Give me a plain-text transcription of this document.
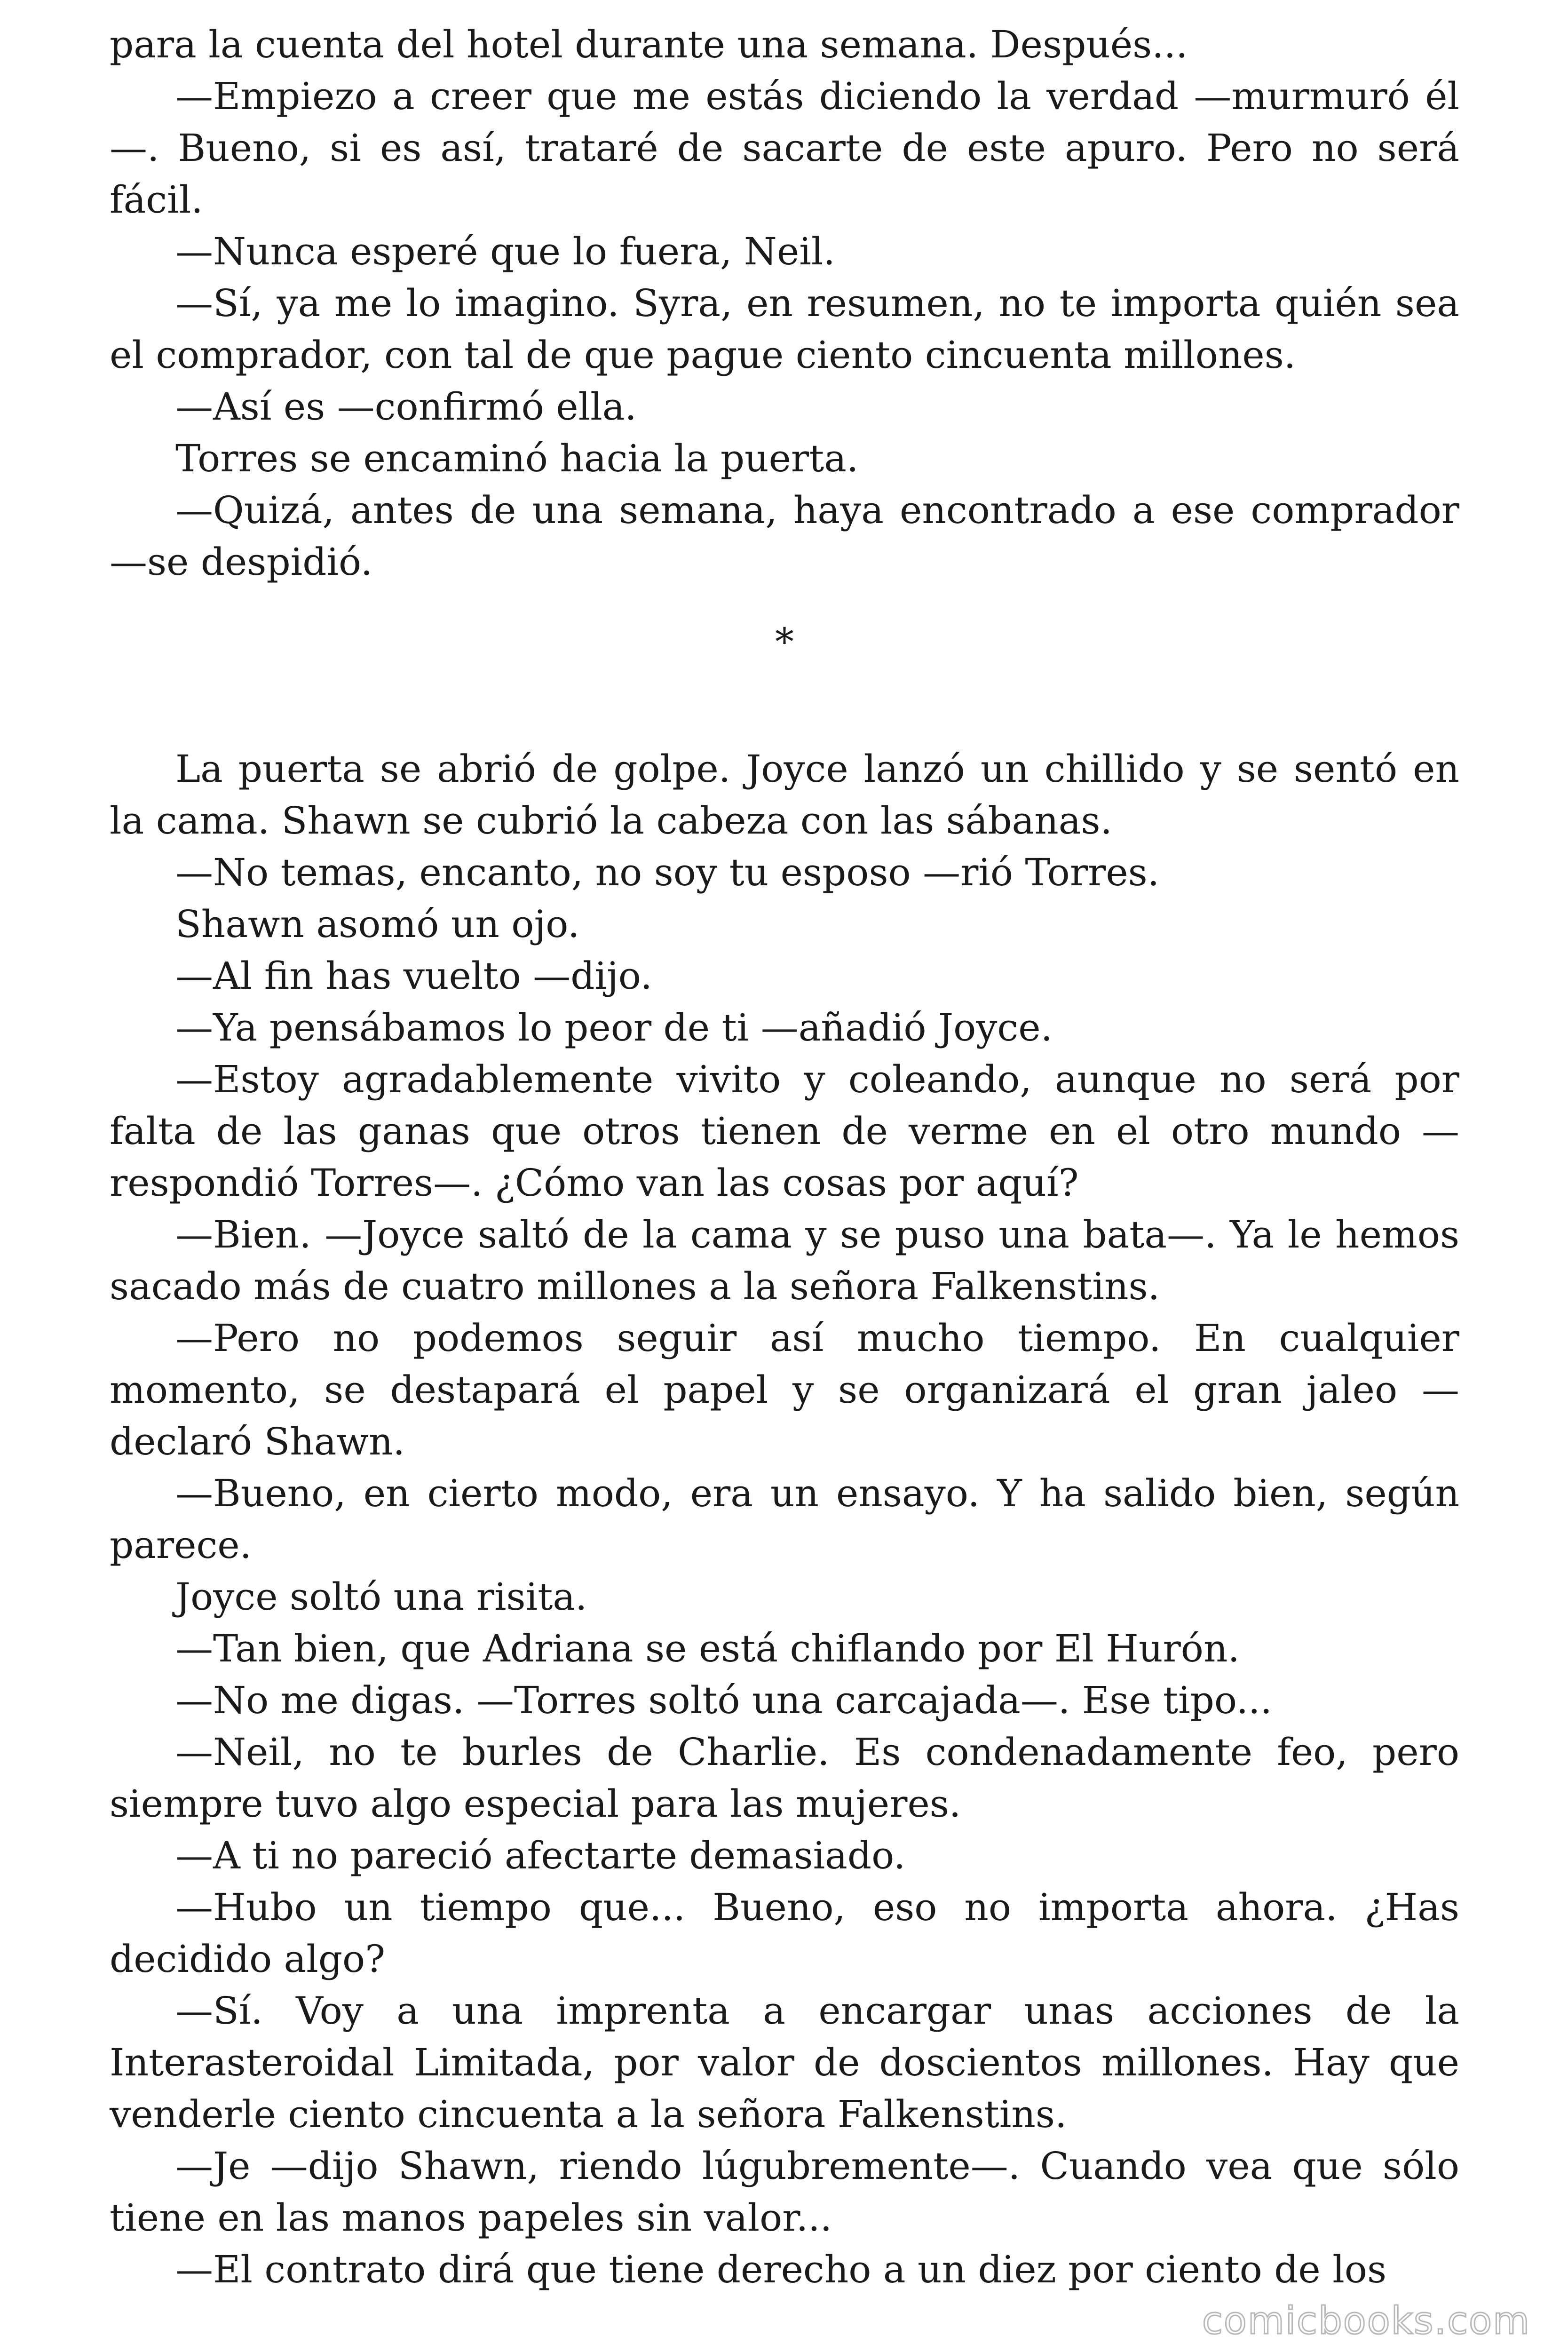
para la cuenta del hotel durante una semana. Después...

—Empiezo a creer que me estás diciendo la verdad —murmuró él —. Bueno, si es así, trataré de sacarte de este apuro. Pero no será fácil.

—Nunca esperé que lo fuera, Neil.

—Sí, ya me lo imagino. Syra, en resumen, no te importa quién sea el comprador, con tal de que pague ciento cincuenta millones.

—Así es —confirmó ella.

Torres se encaminó hacia la puerta.

—Quizá, antes de una semana, haya encontrado a ese comprador —se despidió.

*

La puerta se abrió de golpe. Joyce lanzó un chillido y se sentó en la cama. Shawn se cubrió la cabeza con las sábanas.

—No temas, encanto, no soy tu esposo —rió Torres.

Shawn asomó un ojo.

—Al fin has vuelto —dijo.

—Ya pensábamos lo peor de ti —añadió Joyce.

—Estoy agradablemente vivito y coleando, aunque no será por falta de las ganas que otros tienen de verme en el otro mundo — respondió Torres—. ¿Cómo van las cosas por aquí?

—Bien. —Joyce saltó de la cama y se puso una bata—. Ya le hemos sacado más de cuatro millones a la señora Falkenstins.

—Pero no podemos seguir así mucho tiempo. En cualquier momento, se destapará el papel y se organizará el gran jaleo — declaró Shawn.

—Bueno, en cierto modo, era un ensayo. Y ha salido bien, según parece.

Joyce soltó una risita.

—Tan bien, que Adriana se está chiflando por El Hurón.

—No me digas. —Torres soltó una carcajada—. Ese tipo...

—Neil, no te burles de Charlie. Es condenadamente feo, pero siempre tuvo algo especial para las mujeres.

—A ti no pareció afectarte demasiado.

—Hubo un tiempo que... Bueno, eso no importa ahora. ¿Has decidido algo?

—Sí. Voy a una imprenta a encargar unas acciones de la Interasteroidal Limitada, por valor de doscientos millones. Hay que venderle ciento cincuenta a la señora Falkenstins.

—Je —dijo Shawn, riendo lúgubremente—. Cuando vea que sólo tiene en las manos papeles sin valor...

—El contrato dirá que tiene derecho a un diez por ciento de los

comicbooks.com
